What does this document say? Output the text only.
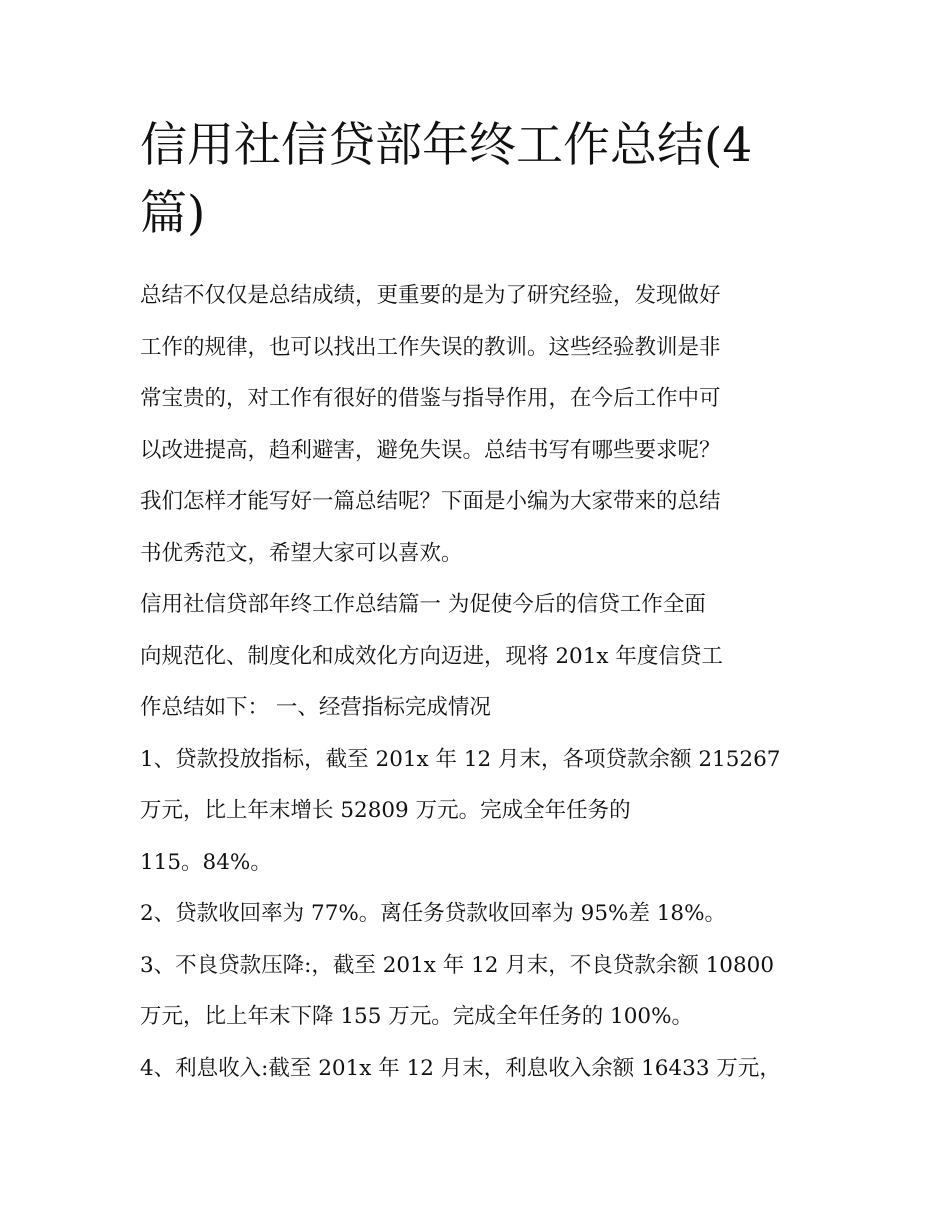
信用社信贷部年终工作总结(4
篇)

总结不仅仅是总结成绩，更重要的是为了研究经验，发现做好
工作的规律，也可以找出工作失误的教训。这些经验教训是非
常宝贵的，对工作有很好的借鉴与指导作用，在今后工作中可
以改进提高，趋利避害，避免失误。总结书写有哪些要求呢？
我们怎样才能写好一篇总结呢？下面是小编为大家带来的总结
书优秀范文，希望大家可以喜欢。

信用社信贷部年终工作总结篇一 为促使今后的信贷工作全面
向规范化、制度化和成效化方向迈进，现将 201x 年度信贷工
作总结如下： 一、经营指标完成情况

1、贷款投放指标，截至 201x 年 12 月末，各项贷款余额 215267
万元，比上年末增长 52809 万元。完成全年任务的
115。84%。

2、贷款收回率为 77%。离任务贷款收回率为 95%差 18%。

3、不良贷款压降:，截至 201x 年 12 月末，不良贷款余额 10800
万元，比上年末下降 155 万元。完成全年任务的 100%。

4、利息收入:截至 201x 年 12 月末，利息收入余额 16433 万元，
